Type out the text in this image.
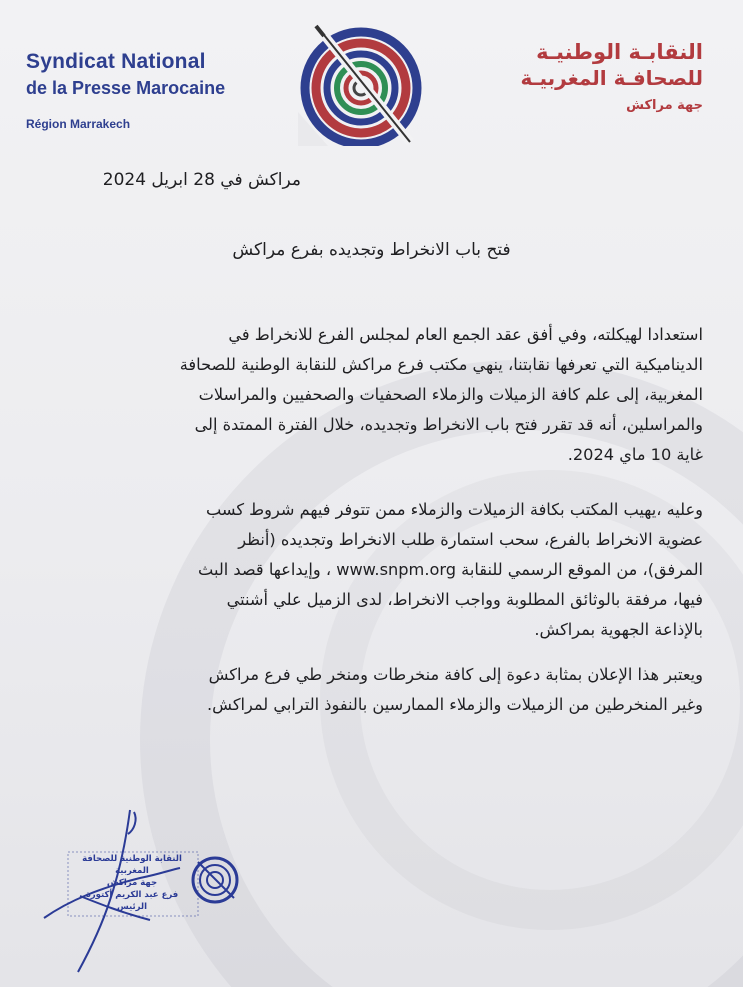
Syndicat National
de la Presse Marocaine
Région Marrakech
النقابـة الوطنيـة
للصحافـة المغربيـة
جهة مراكش
مراكش في 28 ابريل 2024
فتح باب الانخراط وتجديده بفرع مراكش
استعدادا لهيكلته، وفي أفق عقد الجمع العام لمجلس الفرع للانخراط في
الديناميكية التي تعرفها نقابتنا، ينهي مكتب فرع مراكش للنقابة الوطنية للصحافة
المغربية، إلى علم كافة الزميلات والزملاء الصحفيات والصحفيين والمراسلات
والمراسلين، أنه قد تقرر فتح باب الانخراط وتجديده، خلال الفترة الممتدة إلى
غاية 10 ماي 2024.
وعليه ،يهيب المكتب بكافة الزميلات والزملاء ممن تتوفر فيهم شروط كسب
عضوية الانخراط بالفرع، سحب استمارة طلب الانخراط وتجديده (أنظر
المرفق)، من الموقع الرسمي للنقابة www.snpm.org ، وإيداعها قصد البث
فيها، مرفقة بالوثائق المطلوبة وواجب الانخراط، لدى الزميل علي أشنتي
بالإذاعة الجهوية بمراكش.
ويعتبر هذا الإعلان بمثابة دعوة إلى كافة منخرطات ومنخر طي فرع مراكش
وغير المنخرطين من الزميلات والزملاء الممارسين بالنفوذ الترابي لمراكش.
النقابة الوطنية للصحافة المغربية
جهة مراكش
فرع عبد الكريم أكتورة
الرئيس
